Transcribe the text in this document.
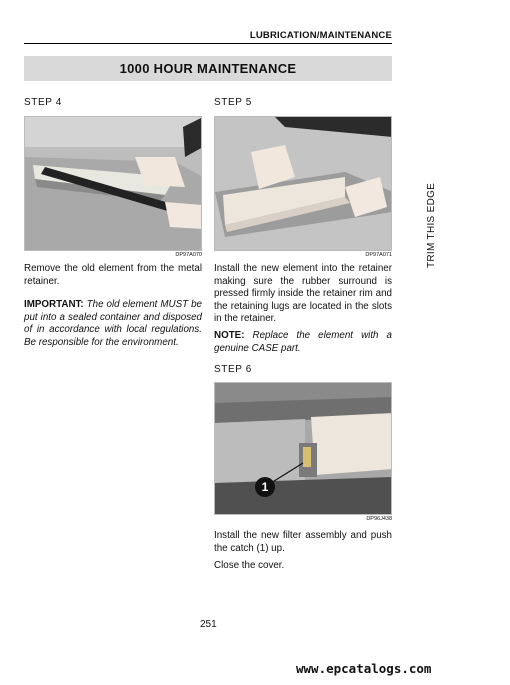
LUBRICATION/MAINTENANCE
1000 HOUR MAINTENANCE
STEP 4
DP97A070
Remove the old element from the metal retainer.
IMPORTANT: The old element MUST be put into a sealed container and disposed of in accordance with local regulations. Be responsible for the environment.
STEP 5
DP97A071
Install the new element into the retainer making sure the rubber surround is pressed firmly inside the retainer rim and the retaining lugs are located in the slots in the retainer.
NOTE: Replace the element with a genuine CASE part.
STEP 6
1
DP96J438
Install the new filter assembly and push the catch (1) up.
Close the cover.
TRIM THIS EDGE
251
www.epcatalogs.com
